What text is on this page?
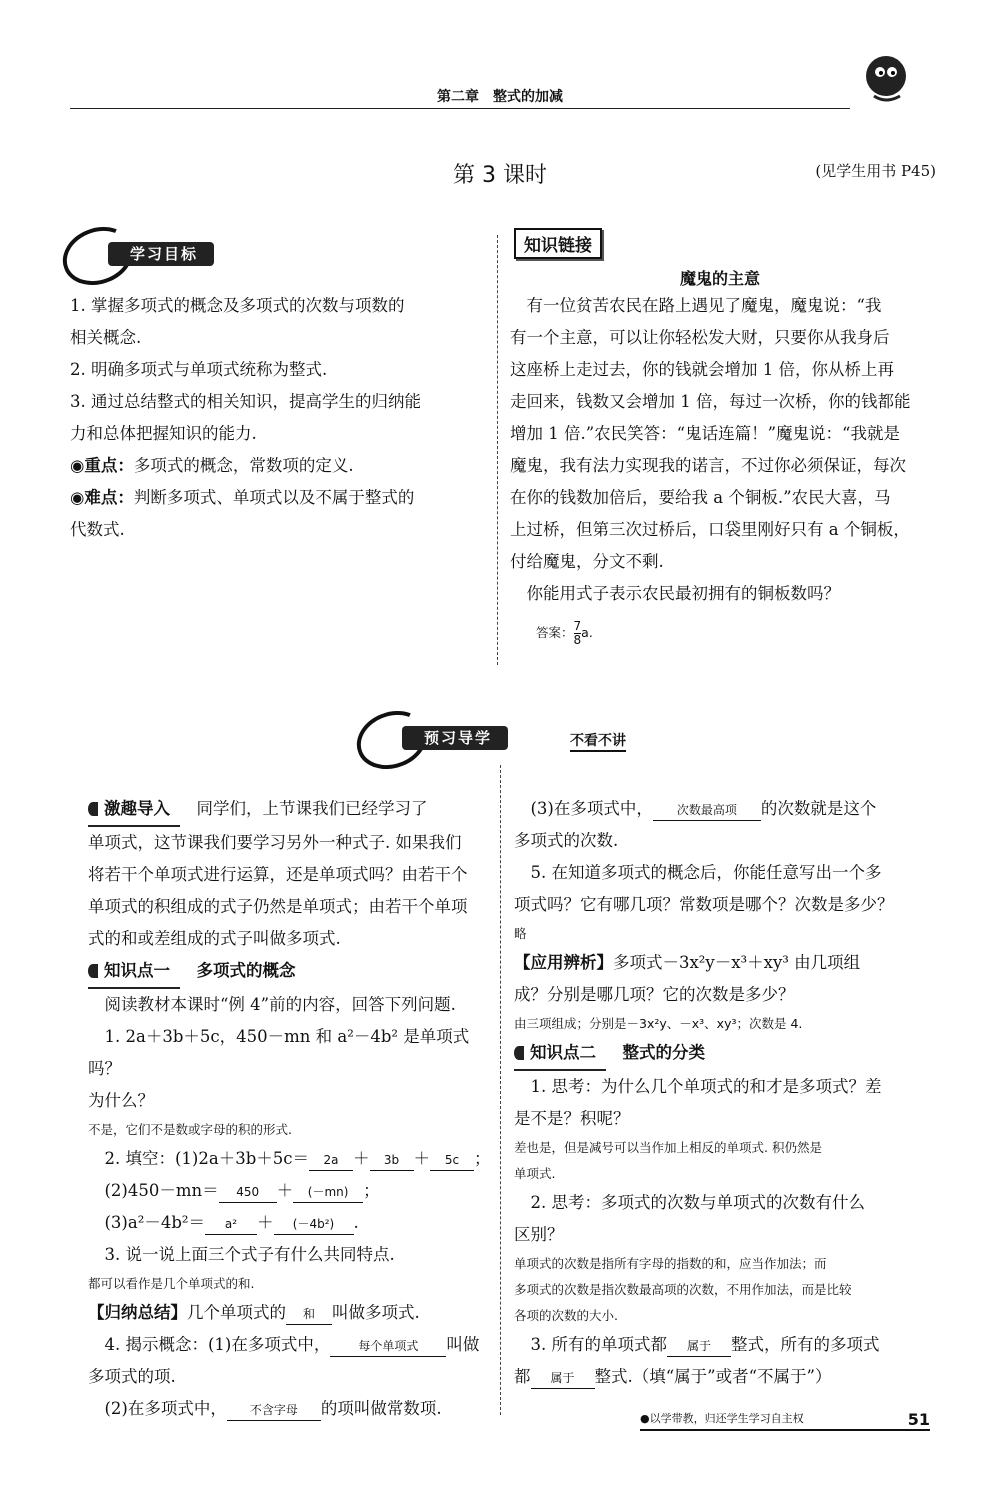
第二章　整式的加减
第 3 课时	(见学生用书 P45)
学习目标
1. 掌握多项式的概念及多项式的次数与项数的
相关概念.
2. 明确多项式与单项式统称为整式.
3. 通过总结整式的相关知识，提高学生的归纳能
力和总体把握知识的能力.
◉重点：多项式的概念，常数项的定义.
◉难点：判断多项式、单项式以及不属于整式的
代数式.
知识链接
魔鬼的主意
　有一位贫苦农民在路上遇见了魔鬼，魔鬼说：“我
有一个主意，可以让你轻松发大财，只要你从我身后
这座桥上走过去，你的钱就会增加 1 倍，你从桥上再
走回来，钱数又会增加 1 倍，每过一次桥，你的钱都能
增加 1 倍.”农民笑答：“鬼话连篇！”魔鬼说：“我就是
魔鬼，我有法力实现我的诺言，不过你必须保证，每次
在你的钱数加倍后，要给我 a 个铜板.”农民大喜，马
上过桥，但第三次过桥后，口袋里刚好只有 a 个铜板，
付给魔鬼，分文不剩.
　你能用式子表示农民最初拥有的铜板数吗？
答案： $\frac{7}{8} a$.
预习导学	不看不讲
激趣导入　 同学们，上节课我们已经学习了
单项式，这节课我们要学习另外一种式子. 如果我们
将若干个单项式进行运算，还是单项式吗？由若干个
单项式的积组成的式子仍然是单项式；由若干个单项
式的和或差组成的式子叫做多项式.
知识点一　 多项式的概念
　阅读教材本课时“例 4”前的内容，回答下列问题.
　1. 2a＋3b＋5c，450－mn 和 a²－4b² 是单项式吗？
为什么？
不是，它们不是数或字母的积的形式.
　2. 填空：(1)2a＋3b＋5c＝ 2a ＋ 3b ＋ 5c ；
　(2)450－mn＝ 450 ＋ (－mn) ；
　(3)a²－4b²＝ a² ＋ (－4b²) .
　3. 说一说上面三个式子有什么共同特点.
都可以看作是几个单项式的和.
【归纳总结】几个单项式的 和 叫做多项式.
　4. 揭示概念：(1)在多项式中， 每个单项式 叫做
多项式的项.
　(2)在多项式中， 不含字母 的项叫做常数项.
　(3)在多项式中， 次数最高项 的次数就是这个
多项式的次数.
　5. 在知道多项式的概念后，你能任意写出一个多
项式吗？它有哪几项？常数项是哪个？次数是多少？
略
【应用辨析】多项式－3x²y－x³＋xy³ 由几项组
成？分别是哪几项？它的次数是多少？
由三项组成；分别是－3x²y、－x³、xy³；次数是 4.
知识点二　 整式的分类
　1. 思考：为什么几个单项式的和才是多项式？差
是不是？积呢？
差也是，但是减号可以当作加上相反的单项式. 积仍然是
单项式.
　2. 思考：多项式的次数与单项式的次数有什么
区别？
单项式的次数是指所有字母的指数的和，应当作加法；而
多项式的次数是指次数最高项的次数，不用作加法，而是比较
各项的次数的大小.
　3. 所有的单项式都 属于 整式，所有的多项式
都 属于 整式.（填“属于”或者“不属于”）
●以学带教，归还学生学习自主权	51
